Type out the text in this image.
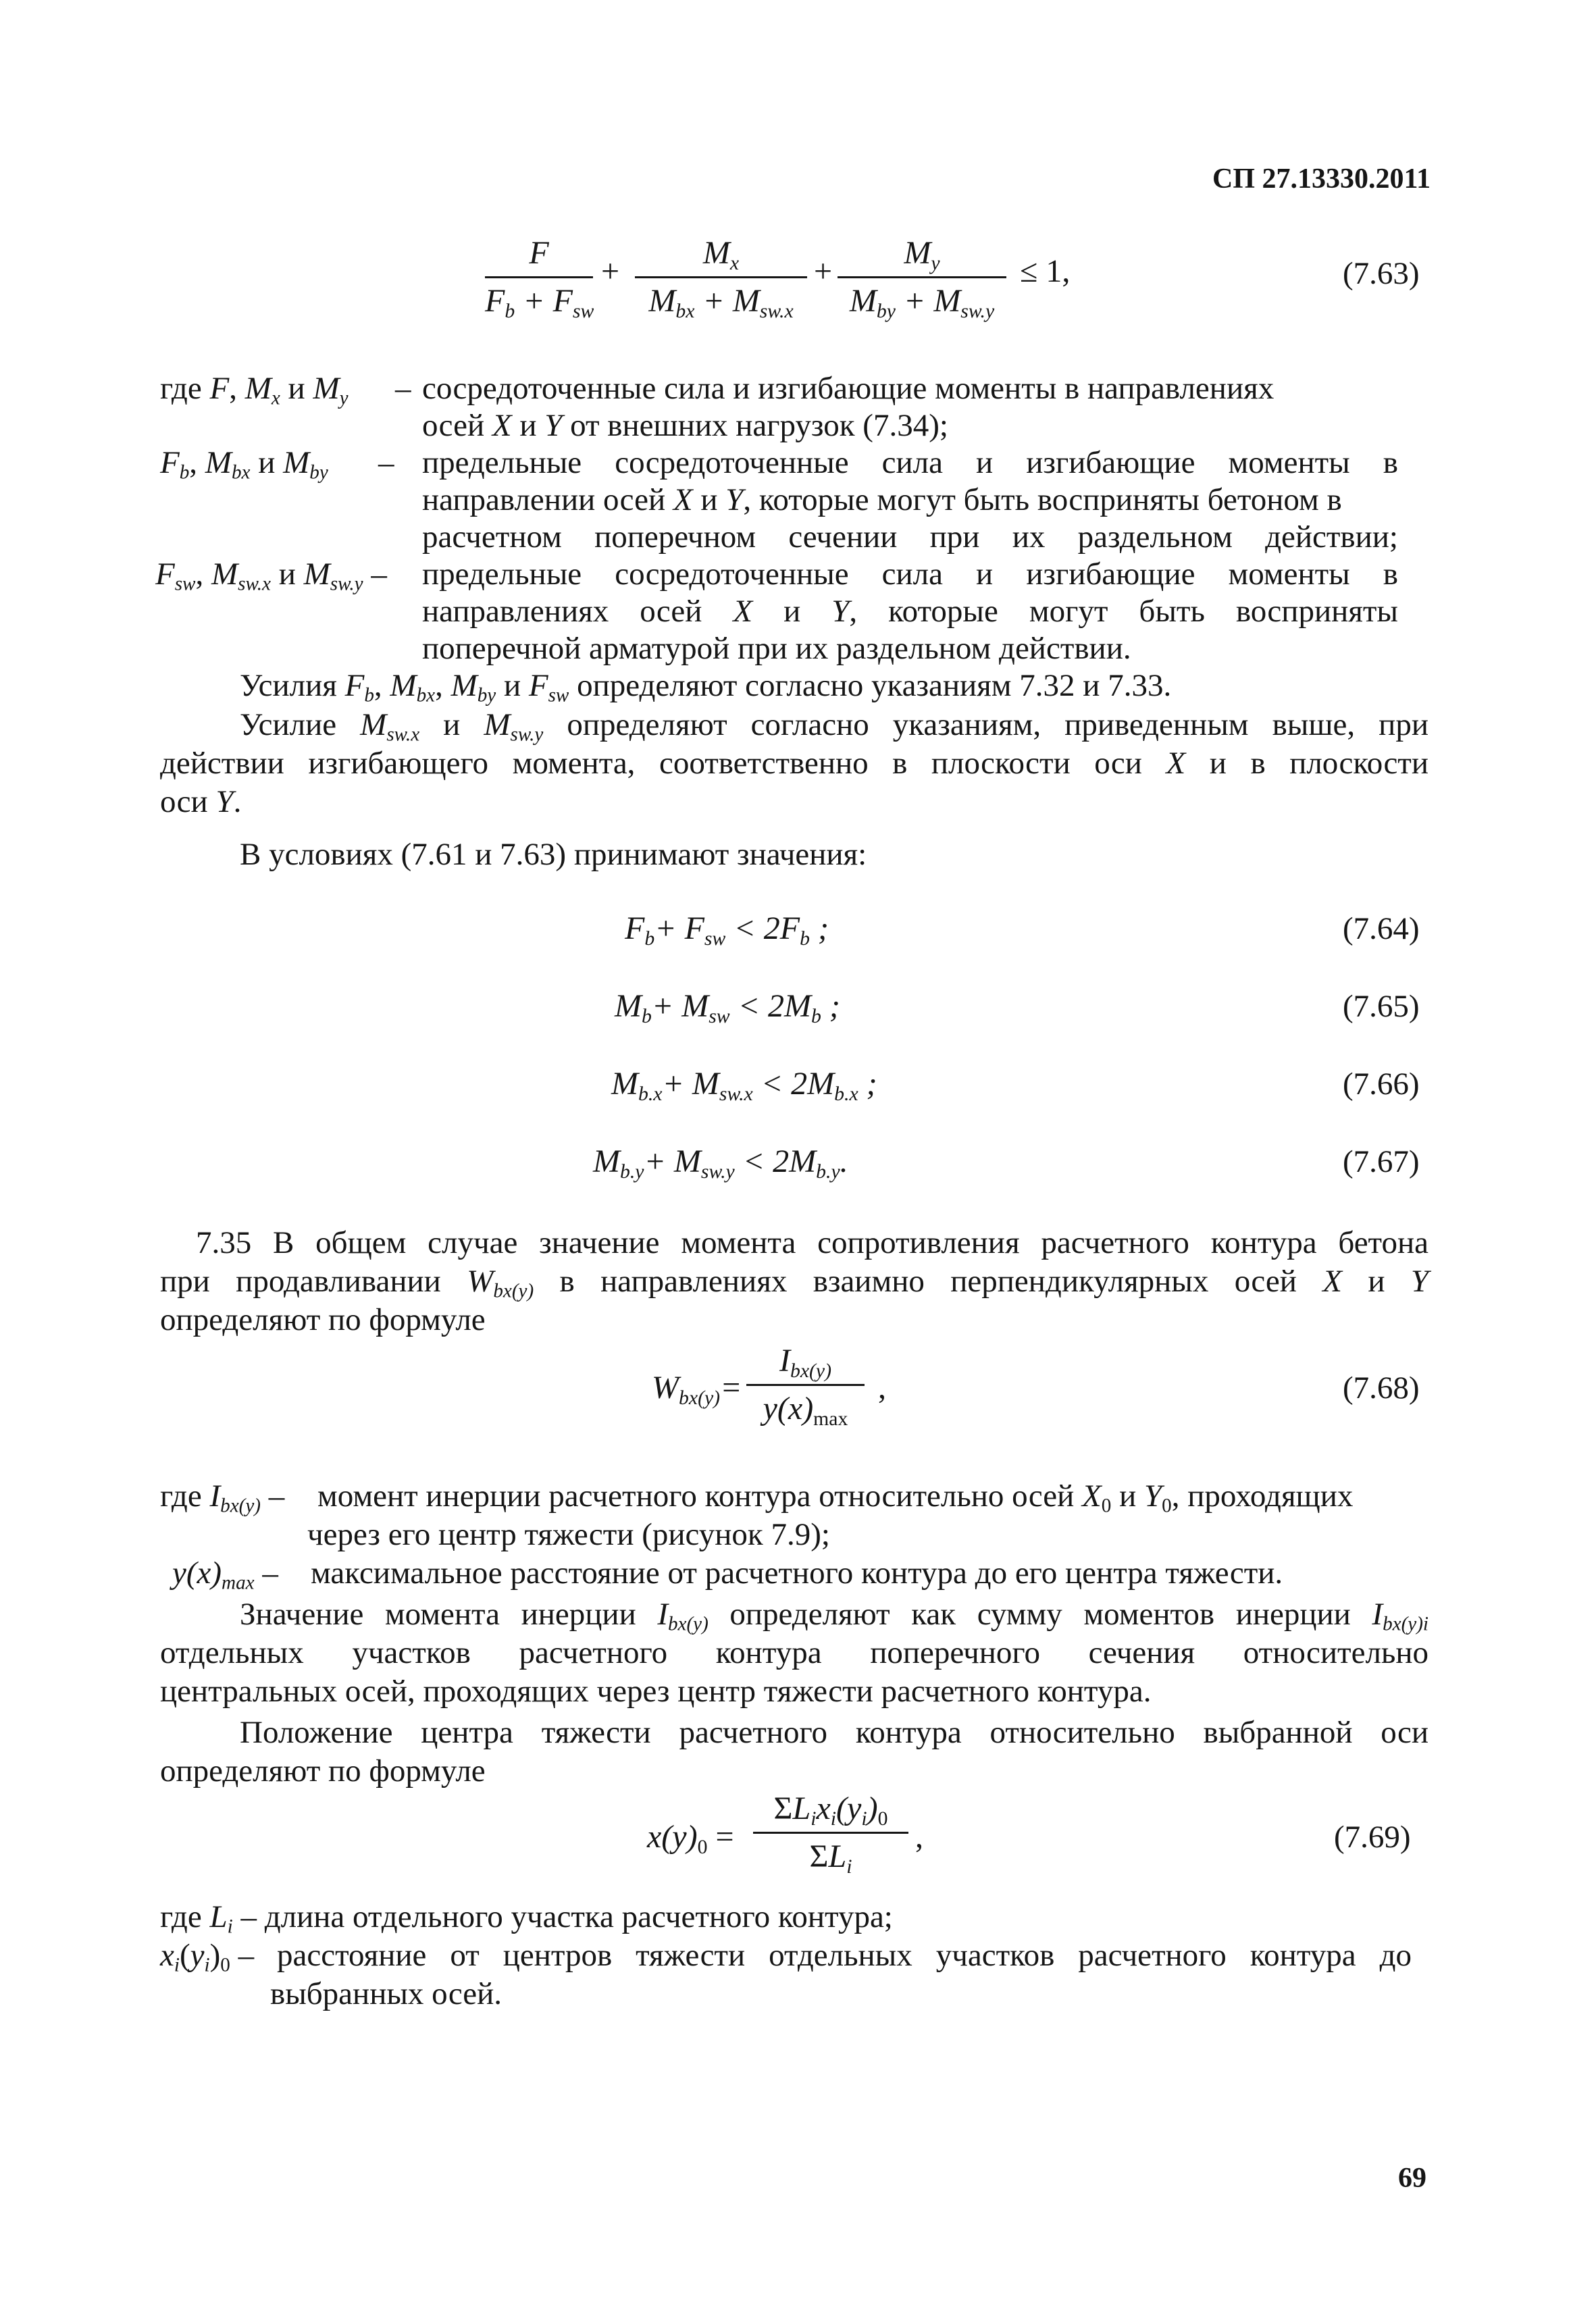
СП 27.13330.2011
F
$F_b + F_{sw}$
+
$M_x$
$M_{bx} + M_{sw.x}$
+
$M_y$
$M_{by} + M_{sw.y}$
≤ 1,	(7.63)
где F, $M_x$ и $M_y$ – сосредоточенные сила и изгибающие моменты в направлениях
осей X и Y от внешних нагрузок (7.34);
$F_b$, $M_{bx}$ и $M_{by}$ – предельные сосредоточенные сила и изгибающие моменты в
направлении осей X и Y, которые могут быть восприняты бетоном в
расчетном поперечном сечении при их раздельном действии;
$F_{sw}$, $M_{sw.x}$ и $M_{sw.y}$ – предельные сосредоточенные сила и изгибающие моменты в
направлениях осей X и Y, которые могут быть восприняты
поперечной арматурой при их раздельном действии.
Усилия $F_b$, $M_{bx}$, $M_{by}$ и $F_{sw}$ определяют согласно указаниям 7.32 и 7.33.
Усилие $M_{sw.x}$ и $M_{sw.y}$ определяют согласно указаниям, приведенным выше, при
действии изгибающего момента, соответственно в плоскости оси X и в плоскости
оси Y.
В условиях (7.61 и 7.63) принимают значения:
$F_b+ F_{sw} < 2F_b$ ;	(7.64)
$M_b+ M_{sw} < 2M_b$ ;	(7.65)
$M_{b.x}+ M_{sw.x} < 2M_{b.x}$ ;	(7.66)
$M_{b.y}+ M_{sw.y} < 2M_{b.y}$.	(7.67)
7.35 В общем случае значение момента сопротивления расчетного контура бетона
при продавливании $W_{bx(y)}$ в направлениях взаимно перпендикулярных осей X и Y
определяют по формуле
$W_{bx(y)}=$
$I_{bx(y)}$
$y(x)_{max}$
,	(7.68)
где $I_{bx(y)}$ – момент инерции расчетного контура относительно осей $X_0$ и $Y_0$, проходящих
через его центр тяжести (рисунок 7.9);
$y(x)_{max}$ – максимальное расстояние от расчетного контура до его центра тяжести.
Значение момента инерции $I_{bx(y)}$ определяют как сумму моментов инерции $I_{bx(y)i}$
отдельных участков расчетного контура поперечного сечения относительно
центральных осей, проходящих через центр тяжести расчетного контура.
Положение центра тяжести расчетного контура относительно выбранной оси
определяют по формуле
$x(y)_0$ =
$\Sigma L_ix_i(y_i)_0$
$\Sigma L_i$
,	(7.69)
где $L_i$ – длина отдельного участка расчетного контура;
$x_i(y_i)_0$ – расстояние от центров тяжести отдельных участков расчетного контура до
выбранных осей.
69
